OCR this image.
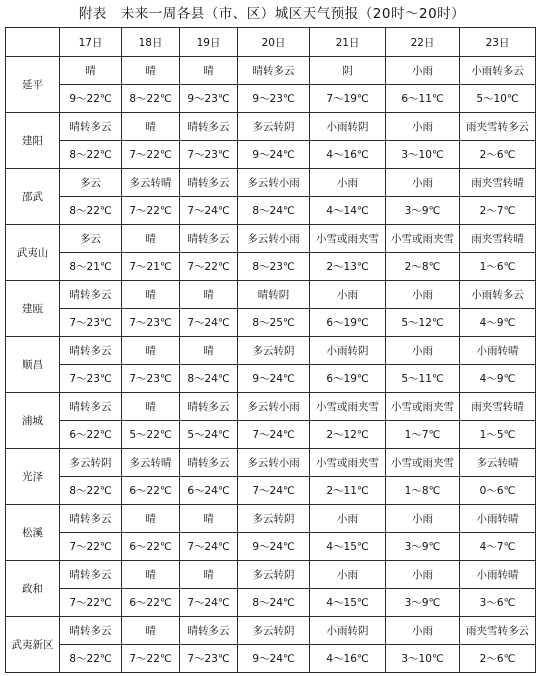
附表　未来一周各县（市、区）城区天气预报（20时～20时）
	17日	18日	19日	20日	21日	22日	23日
延平	晴	晴	晴	晴转多云	阴	小雨	小雨转多云
	9～22℃	8～22℃	9～23℃	9～23℃	7～19℃	6～11℃	5～10℃
建阳	晴转多云	晴	晴转多云	多云转阴	小雨转阴	小雨	雨夹雪转多云
	8～22℃	7～22℃	7～23℃	9～24℃	4～16℃	3～10℃	2～6℃
邵武	多云	多云转晴	晴转多云	多云转小雨	小雨	小雨	雨夹雪转晴
	8～22℃	7～22℃	7～24℃	8～24℃	4～14℃	3～9℃	2～7℃
武夷山	多云	晴	晴转多云	多云转小雨	小雪或雨夹雪	小雪或雨夹雪	雨夹雪转晴
	8～21℃	7～21℃	7～22℃	8～23℃	2～13℃	2～8℃	1～6℃
建瓯	晴转多云	晴	晴	晴转阴	小雨	小雨	小雨转多云
	7～23℃	7～23℃	7～24℃	8～25℃	6～19℃	5～12℃	4～9℃
顺昌	晴转多云	晴	晴	多云转阴	小雨转阴	小雨	小雨转晴
	7～23℃	7～23℃	8～24℃	9～24℃	6～19℃	5～11℃	4～9℃
浦城	晴转多云	晴	晴转多云	多云转小雨	小雪或雨夹雪	小雪或雨夹雪	雨夹雪转晴
	6～22℃	5～22℃	5～24℃	7～24℃	2～12℃	1～7℃	1～5℃
光泽	多云转阴	多云转晴	晴转多云	多云转小雨	小雪或雨夹雪	小雪或雨夹雪	多云转晴
	8～22℃	6～22℃	6～24℃	7～24℃	2～11℃	1～8℃	0～6℃
松溪	晴转多云	晴	晴	多云转阴	小雨	小雨	小雨转晴
	7～22℃	6～22℃	7～24℃	9～24℃	4～15℃	3～9℃	4～7℃
政和	晴转多云	晴	晴	多云转阴	小雨	小雨	小雨转晴
	7～22℃	6～22℃	7～24℃	8～24℃	4～15℃	3～9℃	3～6℃
武夷新区	晴转多云	晴	晴转多云	多云转阴	小雨转阴	小雨	雨夹雪转多云
	8～22℃	7～22℃	7～23℃	9～24℃	4～16℃	3～10℃	2～6℃
